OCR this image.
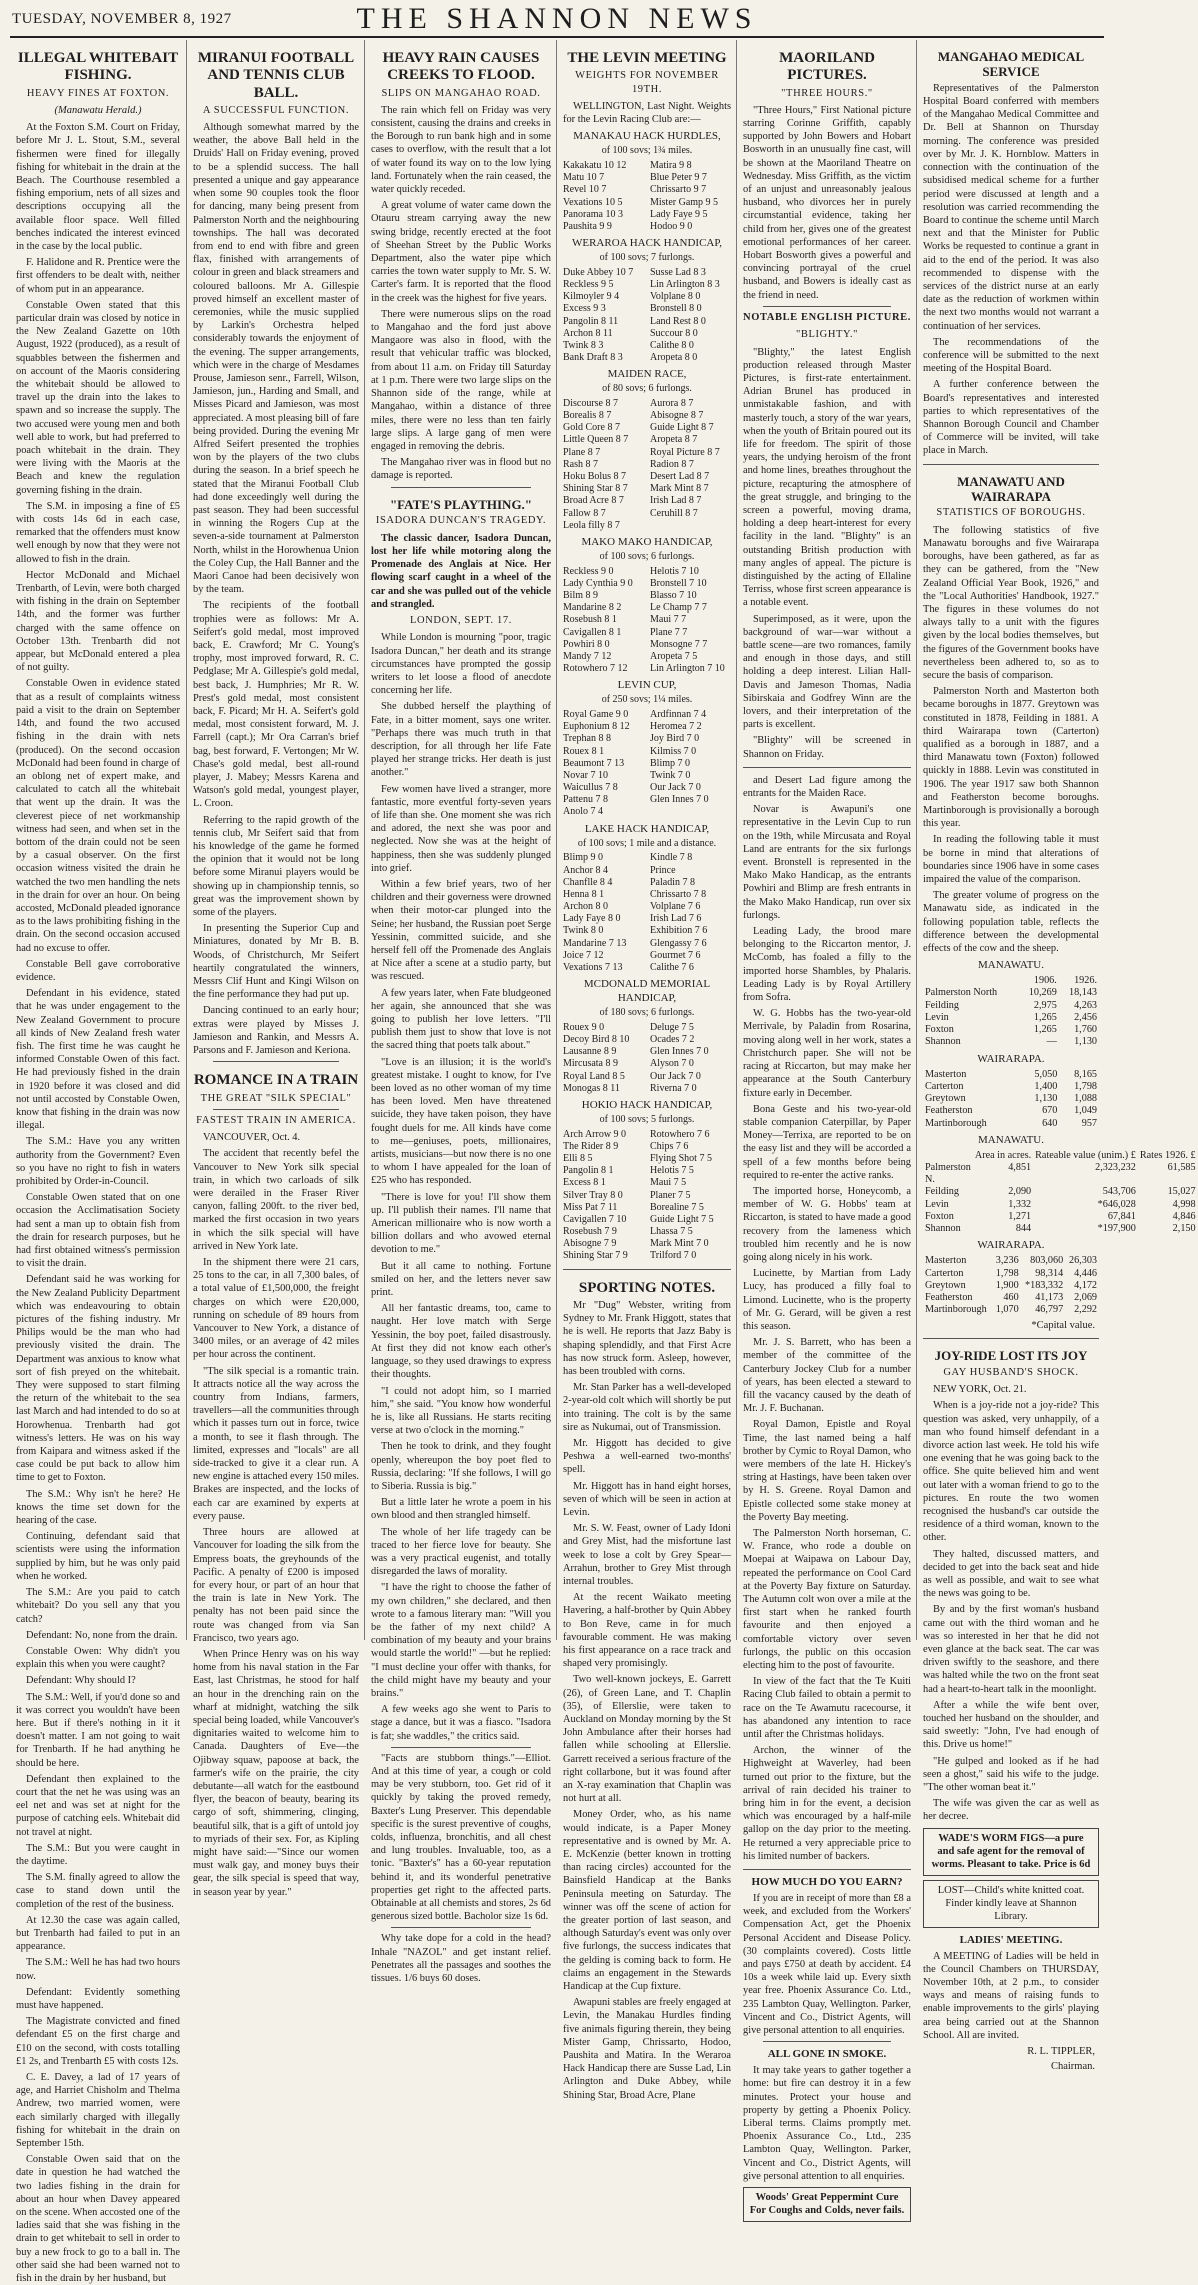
TUESDAY, NOVEMBER 8, 1927	THE SHANNON NEWS
ILLEGAL WHITEBAIT FISHING.
HEAVY FINES AT FOXTON.
(Manawatu Herald.)

At the Foxton S.M. Court on Friday, before Mr J. L. Stout, S.M., several fishermen were fined for illegally fishing for whitebait in the drain at the Beach. The Courthouse resembled a fishing emporium, nets of all sizes and descriptions occupying all the available floor space. Well filled benches indicated the interest evinced in the case by the local public.

F. Halidone and R. Prentice were the first offenders to be dealt with, neither of whom put in an appearance.

Constable Owen stated that this particular drain was closed by notice in the New Zealand Gazette on 10th August, 1922 (produced), as a result of squabbles between the fishermen and on account of the Maoris considering the whitebait should be allowed to travel up the drain into the lakes to spawn and so increase the supply. The two accused were young men and both well able to work, but had preferred to poach whitebait in the drain. They were living with the Maoris at the Beach and knew the regulation governing fishing in the drain.

The S.M. in imposing a fine of £5 with costs 14s 6d in each case, remarked that the offenders must know well enough by now that they were not allowed to fish in the drain.

Hector McDonald and Michael Trenbarth, of Levin, were both charged with fishing in the drain on September 14th, and the former was further charged with the same offence on October 13th. Trenbarth did not appear, but McDonald entered a plea of not guilty.

Constable Owen in evidence stated that as a result of complaints witness paid a visit to the drain on September 14th, and found the two accused fishing in the drain with nets (produced). On the second occasion McDonald had been found in charge of an oblong net of expert make, and calculated to catch all the whitebait that went up the drain. It was the cleverest piece of net workmanship witness had seen, and when set in the bottom of the drain could not be seen by a casual observer. On the first occasion witness visited the drain he watched the two men handling the nets in the drain for over an hour. On being accosted, McDonald pleaded ignorance as to the laws prohibiting fishing in the drain. On the second occasion accused had no excuse to offer.

Constable Bell gave corroborative evidence.

Defendant in his evidence, stated that he was under engagement to the New Zealand Government to procure all kinds of New Zealand fresh water fish. The first time he was caught he informed Constable Owen of this fact. He had previously fished in the drain in 1920 before it was closed and did not until accosted by Constable Owen, know that fishing in the drain was now illegal.

The S.M.: Have you any written authority from the Government? Even so you have no right to fish in waters prohibited by Order-in-Council.

Constable Owen stated that on one occasion the Acclimatisation Society had sent a man up to obtain fish from the drain for research purposes, but he had first obtained witness's permission to visit the drain.

Defendant said he was working for the New Zealand Publicity Department which was endeavouring to obtain pictures of the fishing industry. Mr Philips would be the man who had previously visited the drain. The Department was anxious to know what sort of fish preyed on the whitebait. They were supposed to start filming the return of the whitebait to the sea last March and had intended to do so at Horowhenua. Trenbarth had got witness's letters. He was on his way from Kaipara and witness asked if the case could be put back to allow him time to get to Foxton.

The S.M.: Why isn't he here? He knows the time set down for the hearing of the case.

Continuing, defendant said that scientists were using the information supplied by him, but he was only paid when he worked.

The S.M.: Are you paid to catch whitebait? Do you sell any that you catch?

Defendant: No, none from the drain.

Constable Owen: Why didn't you explain this when you were caught?

Defendant: Why should I?

The S.M.: Well, if you'd done so and it was correct you wouldn't have been here. But if there's nothing in it it doesn't matter. I am not going to wait for Trenbarth. If he had anything he should be here.

Defendant then explained to the court that the net he was using was an eel net and was set at night for the purpose of catching eels. Whitebait did not travel at night.

The S.M.: But you were caught in the daytime.

The S.M. finally agreed to allow the case to stand down until the completion of the rest of the business.

At 12.30 the case was again called, but Trenbarth had failed to put in an appearance.

The S.M.: Well he has had two hours now.

Defendant: Evidently something must have happened.

The Magistrate convicted and fined defendant £5 on the first charge and £10 on the second, with costs totalling £1 2s, and Trenbarth £5 with costs 12s.

C. E. Davey, a lad of 17 years of age, and Harriet Chisholm and Thelma Andrew, two married women, were each similarly charged with illegally fishing for whitebait in the drain on September 15th.

Constable Owen said that on the date in question he had watched the two ladies fishing in the drain for about an hour when Davey appeared on the scene. When accosted one of the ladies said that she was fishing in the drain to get whitebait to sell in order to buy a new frock to go to a ball in. The other said she had been warned not to fish in the drain by her husband, but

MIRANUI FOOTBALL AND TENNIS CLUB BALL.
A SUCCESSFUL FUNCTION.

Although somewhat marred by the weather, the above Ball held in the Druids' Hall on Friday evening, proved to be a splendid success. The hall presented a unique and gay appearance when some 90 couples took the floor for dancing, many being present from Palmerston North and the neighbouring townships. The hall was decorated from end to end with fibre and green flax, finished with arrangements of colour in green and black streamers and coloured balloons. Mr A. Gillespie proved himself an excellent master of ceremonies, while the music supplied by Larkin's Orchestra helped considerably towards the enjoyment of the evening. The supper arrangements, which were in the charge of Mesdames Prouse, Jamieson senr., Farrell, Wilson, Jamieson, jun., Harding and Small, and Misses Picard and Jamieson, was most appreciated. A most pleasing bill of fare being provided. During the evening Mr Alfred Seifert presented the trophies won by the players of the two clubs during the season. In a brief speech he stated that the Miranui Football Club had done exceedingly well during the past season. They had been successful in winning the Rogers Cup at the seven-a-side tournament at Palmerston North, whilst in the Horowhenua Union the Coley Cup, the Hall Banner and the Maori Canoe had been decisively won by the team.

The recipients of the football trophies were as follows: Mr A. Seifert's gold medal, most improved back, E. Crawford; Mr C. Young's trophy, most improved forward, R. C. Pedglase; Mr A. Gillespie's gold medal, best back, J. Humphries; Mr R. W. Prest's gold medal, most consistent back, F. Picard; Mr H. A. Seifert's gold medal, most consistent forward, M. J. Farrell (capt.); Mr Ora Carran's brief bag, best forward, F. Vertongen; Mr W. Chase's gold medal, best all-round player, J. Mabey; Messrs Karena and Watson's gold medal, youngest player, L. Croon.

Referring to the rapid growth of the tennis club, Mr Seifert said that from his knowledge of the game he formed the opinion that it would not be long before some Miranui players would be showing up in championship tennis, so great was the improvement shown by some of the players.

In presenting the Superior Cup and Miniatures, donated by Mr B. B. Woods, of Christchurch, Mr Seifert heartily congratulated the winners, Messrs Clif Hunt and Kingi Wilson on the fine performance they had put up.

Dancing continued to an early hour; extras were played by Misses J. Jamieson and Rankin, and Messrs A. Parsons and F. Jamieson and Keriona.

ROMANCE IN A TRAIN
THE GREAT "SILK SPECIAL"
FASTEST TRAIN IN AMERICA.

VANCOUVER, Oct. 4.

The accident that recently befel the Vancouver to New York silk special train, in which two carloads of silk were derailed in the Fraser River canyon, falling 200ft. to the river bed, marked the first occasion in two years in which the silk special will have arrived in New York late.

In the shipment there were 21 cars, 25 tons to the car, in all 7,300 bales, of a total value of £1,500,000, the freight charges on which were £20,000, running on schedule of 89 hours from Vancouver to New York, a distance of 3400 miles, or an average of 42 miles per hour across the continent.

"The silk special is a romantic train. It attracts notice all the way across the country from Indians, farmers, travellers—all the communities through which it passes turn out in force, twice a month, to see it flash through. The limited, expresses and "locals" are all side-tracked to give it a clear run. A new engine is attached every 150 miles. Brakes are inspected, and the locks of each car are examined by experts at every pause.

Three hours are allowed at Vancouver for loading the silk from the Empress boats, the greyhounds of the Pacific. A penalty of £200 is imposed for every hour, or part of an hour that the train is late in New York. The penalty has not been paid since the route was changed from via San Francisco, two years ago.

When Prince Henry was on his way home from his naval station in the Far East, last Christmas, he stood for half an hour in the drenching rain on the wharf at midnight, watching the silk special being loaded, while Vancouver's dignitaries waited to welcome him to Canada. Daughters of Eve—the Ojibway squaw, papoose at back, the farmer's wife on the prairie, the city debutante—all watch for the eastbound flyer, the beacon of beauty, bearing its cargo of soft, shimmering, clinging, beautiful silk, that is a gift of untold joy to myriads of their sex. For, as Kipling might have said:—"Since our women must walk gay, and money buys their gear, the silk special is speed that way, in season year by year."

HEAVY RAIN CAUSES CREEKS TO FLOOD.
SLIPS ON MANGAHAO ROAD.

The rain which fell on Friday was very consistent, causing the drains and creeks in the Borough to run bank high and in some cases to overflow, with the result that a lot of water found its way on to the low lying land. Fortunately when the rain ceased, the water quickly receded.

A great volume of water came down the Otauru stream carrying away the new swing bridge, recently erected at the foot of Sheehan Street by the Public Works Department, also the water pipe which carries the town water supply to Mr. S. W. Carter's farm. It is reported that the flood in the creek was the highest for five years.

There were numerous slips on the road to Mangahao and the ford just above Mangaore was also in flood, with the result that vehicular traffic was blocked, from about 11 a.m. on Friday till Saturday at 1 p.m. There were two large slips on the Shannon side of the range, while at Mangahao, within a distance of three miles, there were no less than ten fairly large slips. A large gang of men were engaged in removing the debris.

The Mangahao river was in flood but no damage is reported.

"FATE'S PLAYTHING."
ISADORA DUNCAN'S TRAGEDY.

The classic dancer, Isadora Duncan, lost her life while motoring along the Promenade des Anglais at Nice. Her flowing scarf caught in a wheel of the car and she was pulled out of the vehicle and strangled.

LONDON, SEPT. 17.

While London is mourning "poor, tragic Isadora Duncan," her death and its strange circumstances have prompted the gossip writers to let loose a flood of anecdote concerning her life.

She dubbed herself the plaything of Fate, in a bitter moment, says one writer. "Perhaps there was much truth in that description, for all through her life Fate played her strange tricks. Her death is just another."

Few women have lived a stranger, more fantastic, more eventful forty-seven years of life than she. One moment she was rich and adored, the next she was poor and neglected. Now she was at the height of happiness, then she was suddenly plunged into grief.

Within a few brief years, two of her children and their governess were drowned when their motor-car plunged into the Seine; her husband, the Russian poet Serge Yessinin, committed suicide, and she herself fell off the Promenade des Anglais at Nice after a scene at a studio party, but was rescued.

A few years later, when Fate bludgeoned her again, she announced that she was going to publish her love letters. "I'll publish them just to show that love is not the sacred thing that poets talk about."

"Love is an illusion; it is the world's greatest mistake. I ought to know, for I've been loved as no other woman of my time has been loved. Men have threatened suicide, they have taken poison, they have fought duels for me. All kinds have come to me—geniuses, poets, millionaires, artists, musicians—but now there is no one to whom I have appealed for the loan of £25 who has responded.

"There is love for you! I'll show them up. I'll publish their names. I'll name that American millionaire who is now worth a billion dollars and who avowed eternal devotion to me."

But it all came to nothing. Fortune smiled on her, and the letters never saw print.

All her fantastic dreams, too, came to naught. Her love match with Serge Yessinin, the boy poet, failed disastrously. At first they did not know each other's language, so they used drawings to express their thoughts.

"I could not adopt him, so I married him," she said. "You know how wonderful he is, like all Russians. He starts reciting verse at two o'clock in the morning."

Then he took to drink, and they fought openly, whereupon the boy poet fled to Russia, declaring: "If she follows, I will go to Siberia. Russia is big."

But a little later he wrote a poem in his own blood and then strangled himself.

The whole of her life tragedy can be traced to her fierce love for beauty. She was a very practical eugenist, and totally disregarded the laws of morality.

"I have the right to choose the father of my own children," she declared, and then wrote to a famous literary man: "Will you be the father of my next child? A combination of my beauty and your brains would startle the world!" —but he replied: "I must decline your offer with thanks, for the child might have my beauty and your brains."

A few weeks ago she went to Paris to stage a dance, but it was a fiasco. "Isadora is fat; she waddles," the critics said.

"Facts are stubborn things."—Elliot. And at this time of year, a cough or cold may be very stubborn, too. Get rid of it quickly by taking the proved remedy, Baxter's Lung Preserver. This dependable specific is the surest preventive of coughs, colds, influenza, bronchitis, and all chest and lung troubles. Invaluable, too, as a tonic. "Baxter's" has a 60-year reputation behind it, and its wonderful penetrative properties get right to the affected parts. Obtainable at all chemists and stores, 2s 6d generous sized bottle. Bacholor size 1s 6d.

Why take dope for a cold in the head? Inhale "NAZOL" and get instant relief. Penetrates all the passages and soothes the tissues. 1/6 buys 60 doses.

THE LEVIN MEETING
WEIGHTS FOR NOVEMBER 19TH.

WELLINGTON, Last Night. Weights for the Levin Racing Club are:—

MANAKAU HACK HURDLES,
of 100 sovs; 1¾ miles.
Kakakatu 10 12	Matira 9 8
Matu 10 7	Blue Peter 9 7
Revel 10 7	Chrissarto 9 7
Vexations 10 5	Mister Gamp 9 5
Panorama 10 3	Lady Faye 9 5
Paushita 9 9	Hodoo 9 0
WERAROA HACK HANDICAP,
of 100 sovs; 7 furlongs.
Duke Abbey 10 7	Susse Lad 8 3
Reckless 9 5	Lin Arlington 8 3
Kilmoyler 9 4	Volplane 8 0
Excess 9 3	Bronstell 8 0
Pangolin 8 11	Land Rest 8 0
Archon 8 11	Succour 8 0
Twink 8 3	Calithe 8 0
Bank Draft 8 3	Aropeta 8 0
MAIDEN RACE,
of 80 sovs; 6 furlongs.
Discourse 8 7	Aurora 8 7
Borealis 8 7	Abisogne 8 7
Gold Core 8 7	Guide Light 8 7
Little Queen 8 7	Aropeta 8 7
Plane 8 7	Royal Picture 8 7
Rash 8 7	Radion 8 7
Hoku Bolus 8 7	Desert Lad 8 7
Shining Star 8 7	Mark Mint 8 7
Broad Acre 8 7	Irish Lad 8 7
Fallow 8 7	Ceruhill 8 7
Leola filly 8 7
MAKO MAKO HANDICAP,
of 100 sovs; 6 furlongs.
Reckless 9 0	Helotis 7 10
Lady Cynthia 9 0	Bronstell 7 10
Bilm 8 9	Blasso 7 10
Mandarine 8 2	Le Champ 7 7
Rosebush 8 1	Maui 7 7
Cavigallen 8 1	Plane 7 7
Powhiri 8 0	Monsogne 7 7
Mandy 7 12	Aropeta 7 5
Rotowhero 7 12	Lin Arlington 7 10
LEVIN CUP,
of 250 sovs; 1¼ miles.
Royal Game 9 0	Ardfinnan 7 4
Euphonium 8 12	Heromea 7 2
Trephan 8 8	Joy Bird 7 0
Rouex 8 1	Kilmiss 7 0
Beaumont 7 13	Blimp 7 0
Novar 7 10	Twink 7 0
Waicullus 7 8	Our Jack 7 0
Pattenu 7 8	Glen Innes 7 0
Anolo 7 4
LAKE HACK HANDICAP,
of 100 sovs; 1 mile and a distance.
Blimp 9 0	Kindle 7 8
Anchor 8 4	Prince
Chanflle 8 4	Paladin 7 8
Henna 8 1	Chrissarto 7 8
Archon 8 0	Volplane 7 6
Lady Faye 8 0	Irish Lad 7 6
Twink 8 0	Exhibition 7 6
Mandarine 7 13	Glengassy 7 6
Joice 7 12	Gourmet 7 6
Vexations 7 13	Calithe 7 6
MCDONALD MEMORIAL HANDICAP,
of 180 sovs; 6 furlongs.
Rouex 9 0	Deluge 7 5
Decoy Bird 8 10	Ocades 7 2
Lausanne 8 9	Glen Innes 7 0
Mircusata 8 9	Alyson 7 0
Royal Land 8 5	Our Jack 7 0
Monogas 8 11	Riverna 7 0
HOKIO HACK HANDICAP,
of 100 sovs; 5 furlongs.
Arch Arrow 9 0	Rotowhero 7 6
The Rider 8 9	Chips 7 6
Elli 8 5	Flying Shot 7 5
Pangolin 8 1	Helotis 7 5
Excess 8 1	Maui 7 5
Silver Tray 8 0	Planer 7 5
Miss Pat 7 11	Borealine 7 5
Cavigallen 7 10	Guide Light 7 5
Rosebush 7 9	Lhassa 7 5
Abisogne 7 9	Mark Mint 7 0
Shining Star 7 9	Trilford 7 0
SPORTING NOTES.

Mr "Dug" Webster, writing from Sydney to Mr. Frank Higgott, states that he is well. He reports that Jazz Baby is shaping splendidly, and that First Acre has now struck form. Asleep, however, has been troubled with corns.

Mr. Stan Parker has a well-developed 2-year-old colt which will shortly be put into training. The colt is by the same sire as Nukumai, out of Transmission.

Mr. Higgott has decided to give Peshwa a well-earned two-months' spell.

Mr. Higgott has in hand eight horses, seven of which will be seen in action at Levin.

Mr. S. W. Feast, owner of Lady Idoni and Grey Mist, had the misfortune last week to lose a colt by Grey Spear—Arrahun, brother to Grey Mist through internal troubles.

At the recent Waikato meeting Havering, a half-brother by Quin Abbey to Bon Reve, came in for much favourable comment. He was making his first appearance on a race track and shaped very promisingly.

Two well-known jockeys, E. Garrett (26), of Green Lane, and T. Chaplin (35), of Ellerslie, were taken to Auckland on Monday morning by the St John Ambulance after their horses had fallen while schooling at Ellerslie. Garrett received a serious fracture of the right collarbone, but it was found after an X-ray examination that Chaplin was not hurt at all.

Money Order, who, as his name would indicate, is a Paper Money representative and is owned by Mr. A. E. McKenzie (better known in trotting than racing circles) accounted for the Bainsfield Handicap at the Banks Peninsula meeting on Saturday. The winner was off the scene of action for the greater portion of last season, and although Saturday's event was only over five furlongs, the success indicates that the gelding is coming back to form. He claims an engagement in the Stewards Handicap at the Cup fixture.

Awapuni stables are freely engaged at Levin, the Manakau Hurdles finding five animals figuring therein, they being Mister Gamp, Chrissarto, Hodoo, Paushita and Matira. In the Weraroa Hack Handicap there are Susse Lad, Lin Arlington and Duke Abbey, while Shining Star, Broad Acre, Plane

MAORILAND PICTURES.
"THREE HOURS."

"Three Hours," First National picture starring Corinne Griffith, capably supported by John Bowers and Hobart Bosworth in an unusually fine cast, will be shown at the Maoriland Theatre on Wednesday. Miss Griffith, as the victim of an unjust and unreasonably jealous husband, who divorces her in purely circumstantial evidence, taking her child from her, gives one of the greatest emotional performances of her career. Hobart Bosworth gives a powerful and convincing portrayal of the cruel husband, and Bowers is ideally cast as the friend in need.

NOTABLE ENGLISH PICTURE.
"BLIGHTY."

"Blighty," the latest English production released through Master Pictures, is first-rate entertainment. Adrian Brunel has produced in unmistakable fashion, and with masterly touch, a story of the war years, when the youth of Britain poured out its life for freedom. The spirit of those years, the undying heroism of the front and home lines, breathes throughout the picture, recapturing the atmosphere of the great struggle, and bringing to the screen a powerful, moving drama, holding a deep heart-interest for every facility in the land. "Blighty" is an outstanding British production with many angles of appeal. The picture is distinguished by the acting of Ellaline Terriss, whose first screen appearance is a notable event.

Superimposed, as it were, upon the background of war—war without a battle scene—are two romances, family and enough in those days, and still holding a deep interest. Lilian Hall-Davis and Jameson Thomas, Nadia Sibirskaia and Godfrey Winn are the lovers, and their interpretation of the parts is excellent.

"Blighty" will be screened in Shannon on Friday.

and Desert Lad figure among the entrants for the Maiden Race.

Novar is Awapuni's one representative in the Levin Cup to run on the 19th, while Mircusata and Royal Land are entrants for the six furlongs event. Bronstell is represented in the Mako Mako Handicap, as the entrants Powhiri and Blimp are fresh entrants in the Mako Mako Handicap, run over six furlongs.

Leading Lady, the brood mare belonging to the Riccarton mentor, J. McComb, has foaled a filly to the imported horse Shambles, by Phalaris. Leading Lady is by Royal Artillery from Sofra.

W. G. Hobbs has the two-year-old Merrivale, by Paladin from Rosarina, moving along well in her work, states a Christchurch paper. She will not be racing at Riccarton, but may make her appearance at the South Canterbury fixture early in December.

Bona Geste and his two-year-old stable companion Caterpillar, by Paper Money—Terrixa, are reported to be on the easy list and they will be accorded a spell of a few months before being required to re-enter the active ranks.

The imported horse, Honeycomb, a member of W. G. Hobbs' team at Riccarton, is stated to have made a good recovery from the lameness which troubled him recently and he is now going along nicely in his work.

Lucinette, by Martian from Lady Lucy, has produced a filly foal to Limond. Lucinette, who is the property of Mr. G. Gerard, will be given a rest this season.

Mr. J. S. Barrett, who has been a member of the committee of the Canterbury Jockey Club for a number of years, has been elected a steward to fill the vacancy caused by the death of Mr. J. F. Buchanan.

Royal Damon, Epistle and Royal Time, the last named being a half brother by Cymic to Royal Damon, who were members of the late H. Hickey's string at Hastings, have been taken over by H. S. Greene. Royal Damon and Epistle collected some stake money at the Poverty Bay meeting.

The Palmerston North horseman, C. W. France, who rode a double on Moepai at Waipawa on Labour Day, repeated the performance on Cool Card at the Poverty Bay fixture on Saturday. The Autumn colt won over a mile at the first start when he ranked fourth favourite and then enjoyed a comfortable victory over seven furlongs, the public on this occasion electing him to the post of favourite.

In view of the fact that the Te Kuiti Racing Club failed to obtain a permit to race on the Te Awamutu racecourse, it has abandoned any intention to race until after the Christmas holidays.

Archon, the winner of the Highweight at Waverley, had been turned out prior to the fixture, but the arrival of rain decided his trainer to bring him in for the event, a decision which was encouraged by a half-mile gallop on the day prior to the meeting. He returned a very appreciable price to his limited number of backers.

HOW MUCH DO YOU EARN?

If you are in receipt of more than £8 a week, and excluded from the Workers' Compensation Act, get the Phoenix Personal Accident and Disease Policy. (30 complaints covered). Costs little and pays £750 at death by accident. £4 10s a week while laid up. Every sixth year free. Phoenix Assurance Co. Ltd., 235 Lambton Quay, Wellington. Parker, Vincent and Co., District Agents, will give personal attention to all enquiries.

ALL GONE IN SMOKE.

It may take years to gather together a home: but fire can destroy it in a few minutes. Protect your house and property by getting a Phoenix Policy. Liberal terms. Claims promptly met. Phoenix Assurance Co., Ltd., 235 Lambton Quay, Wellington. Parker, Vincent and Co., District Agents, will give personal attention to all enquiries.

Woods' Great Peppermint Cure For Coughs and Colds, never fails.
MANGAHAO MEDICAL SERVICE

Representatives of the Palmerston Hospital Board conferred with members of the Mangahao Medical Committee and Dr. Bell at Shannon on Thursday morning. The conference was presided over by Mr. J. K. Hornblow. Matters in connection with the continuation of the subsidised medical scheme for a further period were discussed at length and a resolution was carried recommending the Board to continue the scheme until March next and that the Minister for Public Works be requested to continue a grant in aid to the end of the period. It was also recommended to dispense with the services of the district nurse at an early date as the reduction of workmen within the next two months would not warrant a continuation of her services.

The recommendations of the conference will be submitted to the next meeting of the Hospital Board.

A further conference between the Board's representatives and interested parties to which representatives of the Shannon Borough Council and Chamber of Commerce will be invited, will take place in March.

MANAWATU AND WAIRARAPA
STATISTICS OF BOROUGHS.

The following statistics of five Manawatu boroughs and five Wairarapa boroughs, have been gathered, as far as they can be gathered, from the "New Zealand Official Year Book, 1926," and the "Local Authorities' Handbook, 1927." The figures in these volumes do not always tally to a unit with the figures given by the local bodies themselves, but the figures of the Government books have nevertheless been adhered to, so as to secure the basis of comparison.

Palmerston North and Masterton both became boroughs in 1877. Greytown was constituted in 1878, Feilding in 1881. A third Wairarapa town (Carterton) qualified as a borough in 1887, and a third Manawatu town (Foxton) followed quickly in 1888. Levin was constituted in 1906. The year 1917 saw both Shannon and Featherston become boroughs. Martinborough is provisionally a borough this year.

In reading the following table it must be borne in mind that alterations of boundaries since 1906 have in some cases impaired the value of the comparison.

The greater volume of progress on the Manawatu side, as indicated in the following population table, reflects the difference between the developmental effects of the cow and the sheep.

MANAWATU.
	1906.	1926.
Palmerston North	10,269	18,143
Feilding	2,975	4,263
Levin	1,265	2,456
Foxton	1,265	1,760
Shannon	—	1,130
WAIRARAPA.
Masterton	5,050	8,165
Carterton	1,400	1,798
Greytown	1,130	1,088
Featherston	670	1,049
Martinborough	640	957
MANAWATU.
	Area in acres.	Rateable value (unim.) £	Rates 1926. £
Palmerston N.	4,851	2,323,232	61,585
Feilding	2,090	543,706	15,027
Levin	1,332	*646,028	4,998
Foxton	1,271	67,841	4,846
Shannon	844	*197,900	2,150
WAIRARAPA.
Masterton	3,236	803,060	26,303
Carterton	1,798	98,314	4,446
Greytown	1,900	*183,332	4,172
Featherston	460	41,173	2,069
Martinborough	1,070	46,797	2,292
*Capital value.
JOY-RIDE LOST ITS JOY
GAY HUSBAND'S SHOCK.

NEW YORK, Oct. 21.

When is a joy-ride not a joy-ride? This question was asked, very unhappily, of a man who found himself defendant in a divorce action last week. He told his wife one evening that he was going back to the office. She quite believed him and went out later with a woman friend to go to the pictures. En route the two women recognised the husband's car outside the residence of a third woman, known to the other.

They halted, discussed matters, and decided to get into the back seat and hide as well as possible, and wait to see what the news was going to be.

By and by the first woman's husband came out with the third woman and he was so interested in her that he did not even glance at the back seat. The car was driven swiftly to the seashore, and there was halted while the two on the front seat had a heart-to-heart talk in the moonlight.

After a while the wife bent over, touched her husband on the shoulder, and said sweetly: "John, I've had enough of this. Drive us home!"

"He gulped and looked as if he had seen a ghost," said his wife to the judge. "The other woman beat it."

The wife was given the car as well as her decree.

WADE'S WORM FIGS—a pure and safe agent for the removal of worms. Pleasant to take. Price is 6d
LOST—Child's white knitted coat. Finder kindly leave at Shannon Library.
LADIES' MEETING.

A MEETING of Ladies will be held in the Council Chambers on THURSDAY, November 10th, at 2 p.m., to consider ways and means of raising funds to enable improvements to the girls' playing area being carried out at the Shannon School. All are invited.

R. L. TIPPLER,
Chairman.
